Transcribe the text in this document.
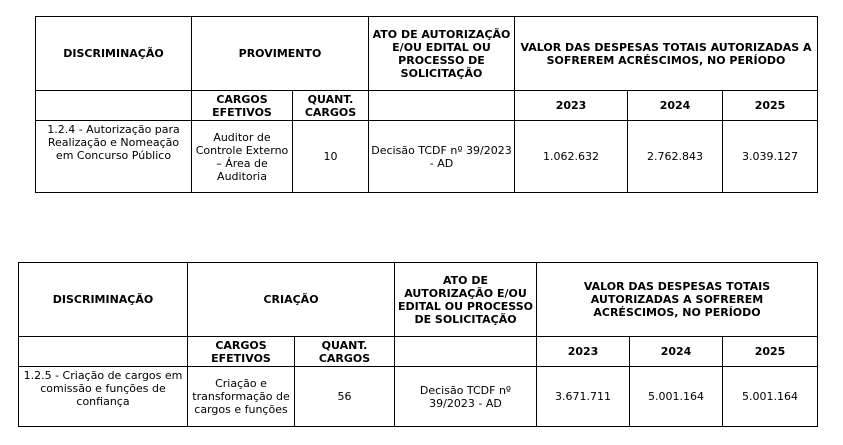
DISCRIMINAÇÃO	PROVIMENTO		ATO DE AUTORIZAÇÃO E/OU EDITAL OU PROCESSO DE SOLICITAÇÃO	VALOR DAS DESPESAS TOTAIS AUTORIZADAS A SOFREREM ACRÉSCIMOS, NO PERÍODO		
	CARGOS EFETIVOS	QUANT. CARGOS		2023	2024	2025
1.2.4 - Autorização para Realização e Nomeação em Concurso Público	Auditor de Controle Externo – Área de Auditoria	10	Decisão TCDF nº 39/2023 - AD	1.062.632	2.762.843	3.039.127
DISCRIMINAÇÃO	CRIAÇÃO		ATO DE AUTORIZAÇÃO E/OU EDITAL OU PROCESSO DE SOLICITAÇÃO	VALOR DAS DESPESAS TOTAIS AUTORIZADAS A SOFREREM ACRÉSCIMOS, NO PERÍODO		
	CARGOS EFETIVOS	QUANT. CARGOS		2023	2024	2025
1.2.5 - Criação de cargos em comissão e funções de confiança	Criação e transformação de cargos e funções	56	Decisão TCDF nº 39/2023 - AD	3.671.711	5.001.164	5.001.164
